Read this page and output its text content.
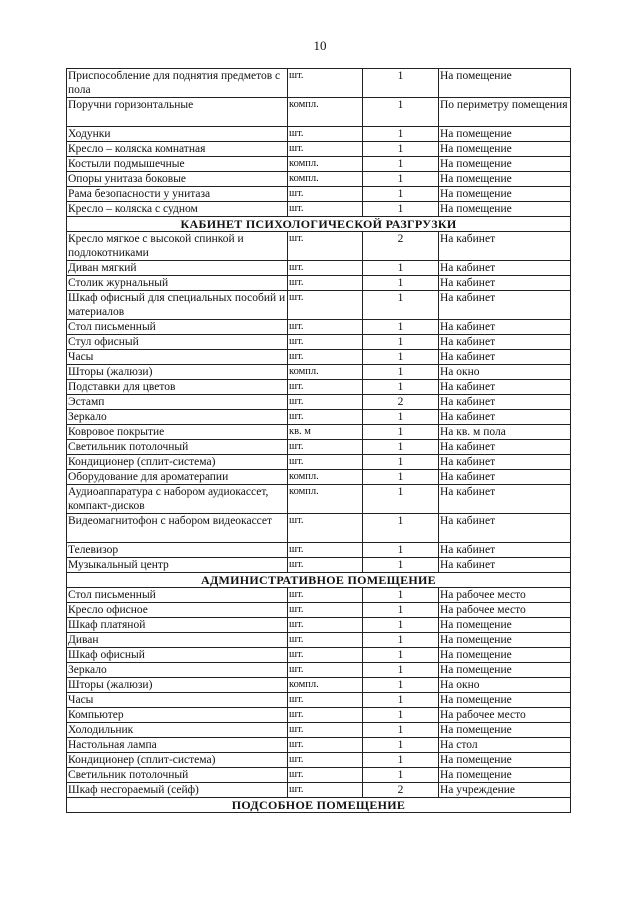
10
Приспособление для поднятия предметов с пола	шт.	1	На помещение
Поручни горизонтальные	компл.	1	По периметру помещения
Ходунки	шт.	1	На помещение
Кресло – коляска комнатная	шт.	1	На помещение
Костыли подмышечные	компл.	1	На помещение
Опоры унитаза боковые	компл.	1	На помещение
Рама безопасности у унитаза	шт.	1	На помещение
Кресло – коляска с судном	шт.	1	На помещение
КАБИНЕТ ПСИХОЛОГИЧЕСКОЙ РАЗГРУЗКИ			
Кресло мягкое с высокой спинкой и подлокотниками	шт.	2	На кабинет
Диван мягкий	шт.	1	На кабинет
Столик журнальный	шт.	1	На кабинет
Шкаф офисный для специальных пособий и материалов	шт.	1	На кабинет
Стол письменный	шт.	1	На кабинет
Стул офисный	шт.	1	На кабинет
Часы	шт.	1	На кабинет
Шторы (жалюзи)	компл.	1	На окно
Подставки для цветов	шт.	1	На кабинет
Эстамп	шт.	2	На кабинет
Зеркало	шт.	1	На кабинет
Ковровое покрытие	кв. м	1	На кв. м пола
Светильник потолочный	шт.	1	На кабинет
Кондиционер (сплит-система)	шт.	1	На кабинет
Оборудование для ароматерапии	компл.	1	На кабинет
Аудиоаппаратура с набором аудиокассет, компакт-дисков	компл.	1	На кабинет
Видеомагнитофон с набором видеокассет	шт.	1	На кабинет
Телевизор	шт.	1	На кабинет
Музыкальный центр	шт.	1	На кабинет
АДМИНИСТРАТИВНОЕ ПОМЕЩЕНИЕ			
Стол письменный	шт.	1	На рабочее место
Кресло офисное	шт.	1	На рабочее место
Шкаф платяной	шт.	1	На помещение
Диван	шт.	1	На помещение
Шкаф офисный	шт.	1	На помещение
Зеркало	шт.	1	На помещение
Шторы (жалюзи)	компл.	1	На окно
Часы	шт.	1	На помещение
Компьютер	шт.	1	На рабочее место
Холодильник	шт.	1	На помещение
Настольная лампа	шт.	1	На стол
Кондиционер (сплит-система)	шт.	1	На помещение
Светильник потолочный	шт.	1	На помещение
Шкаф несгораемый (сейф)	шт.	2	На учреждение
ПОДСОБНОЕ ПОМЕЩЕНИЕ			
